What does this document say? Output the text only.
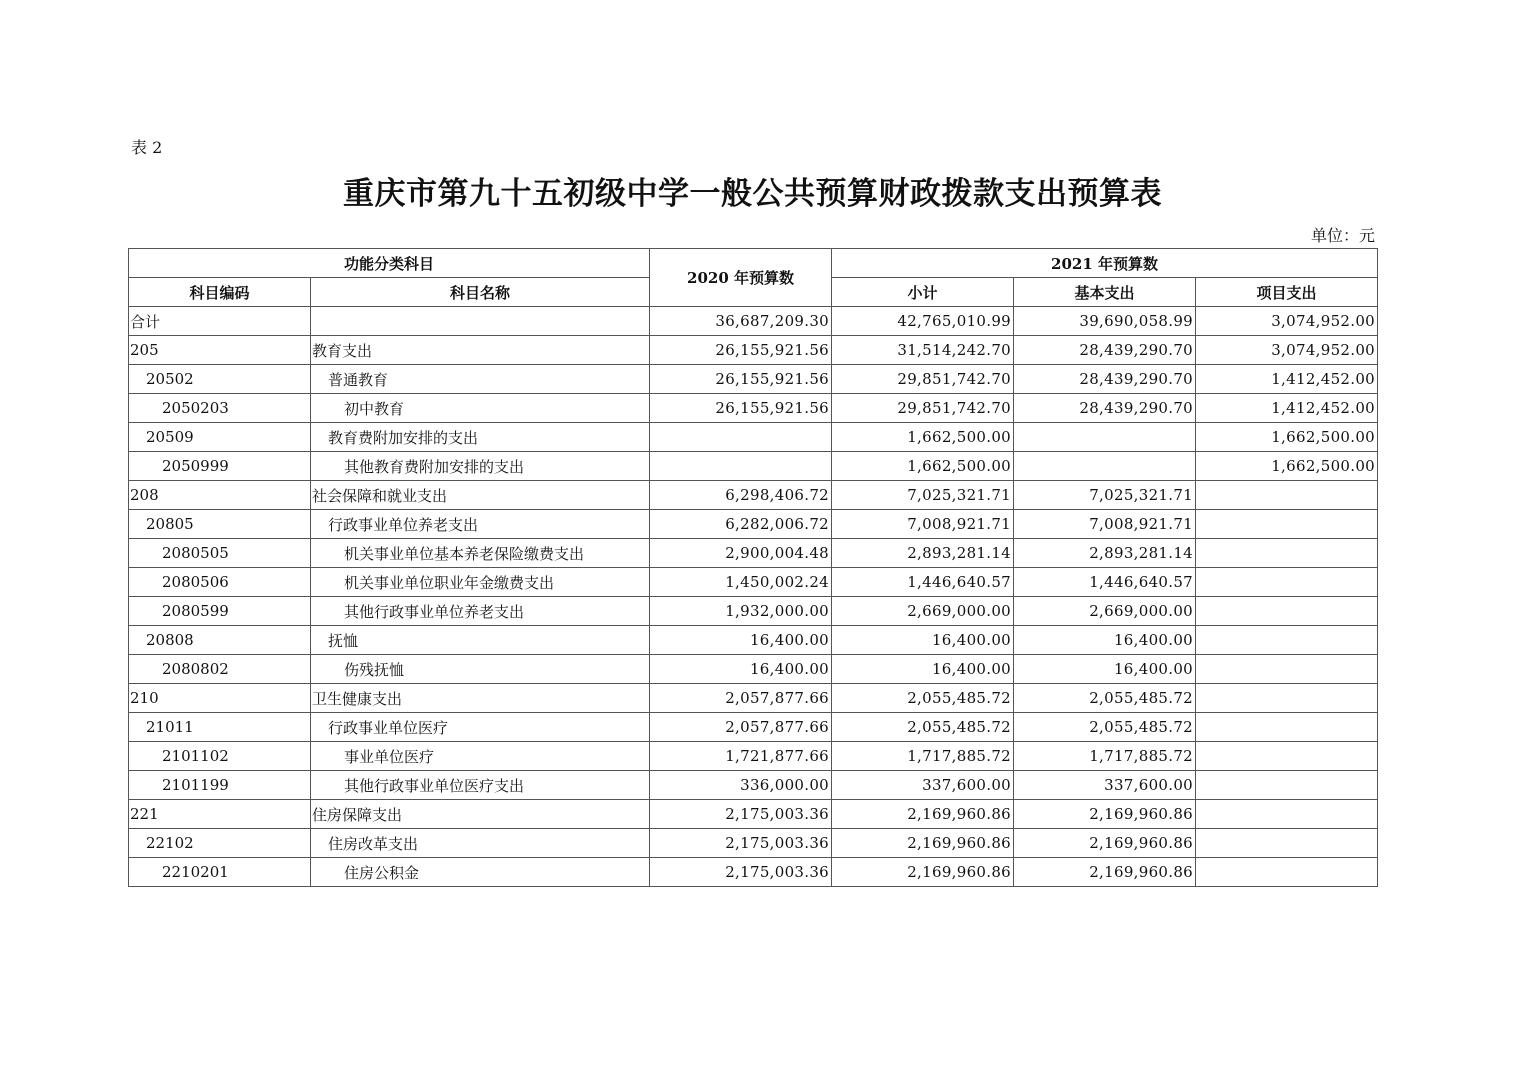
表 2
重庆市第九十五初级中学一般公共预算财政拨款支出预算表
单位：元
功能分类科目		2020 年预算数	2021 年预算数		
科目编码	科目名称		小计	基本支出	项目支出
合计		36,687,209.30	42,765,010.99	39,690,058.99	3,074,952.00
205	教育支出	26,155,921.56	31,514,242.70	28,439,290.70	3,074,952.00
20502	普通教育	26,155,921.56	29,851,742.70	28,439,290.70	1,412,452.00
2050203	初中教育	26,155,921.56	29,851,742.70	28,439,290.70	1,412,452.00
20509	教育费附加安排的支出		1,662,500.00		1,662,500.00
2050999	其他教育费附加安排的支出		1,662,500.00		1,662,500.00
208	社会保障和就业支出	6,298,406.72	7,025,321.71	7,025,321.71	
20805	行政事业单位养老支出	6,282,006.72	7,008,921.71	7,008,921.71	
2080505	机关事业单位基本养老保险缴费支出	2,900,004.48	2,893,281.14	2,893,281.14	
2080506	机关事业单位职业年金缴费支出	1,450,002.24	1,446,640.57	1,446,640.57	
2080599	其他行政事业单位养老支出	1,932,000.00	2,669,000.00	2,669,000.00	
20808	抚恤	16,400.00	16,400.00	16,400.00	
2080802	伤残抚恤	16,400.00	16,400.00	16,400.00	
210	卫生健康支出	2,057,877.66	2,055,485.72	2,055,485.72	
21011	行政事业单位医疗	2,057,877.66	2,055,485.72	2,055,485.72	
2101102	事业单位医疗	1,721,877.66	1,717,885.72	1,717,885.72	
2101199	其他行政事业单位医疗支出	336,000.00	337,600.00	337,600.00	
221	住房保障支出	2,175,003.36	2,169,960.86	2,169,960.86	
22102	住房改革支出	2,175,003.36	2,169,960.86	2,169,960.86	
2210201	住房公积金	2,175,003.36	2,169,960.86	2,169,960.86	
